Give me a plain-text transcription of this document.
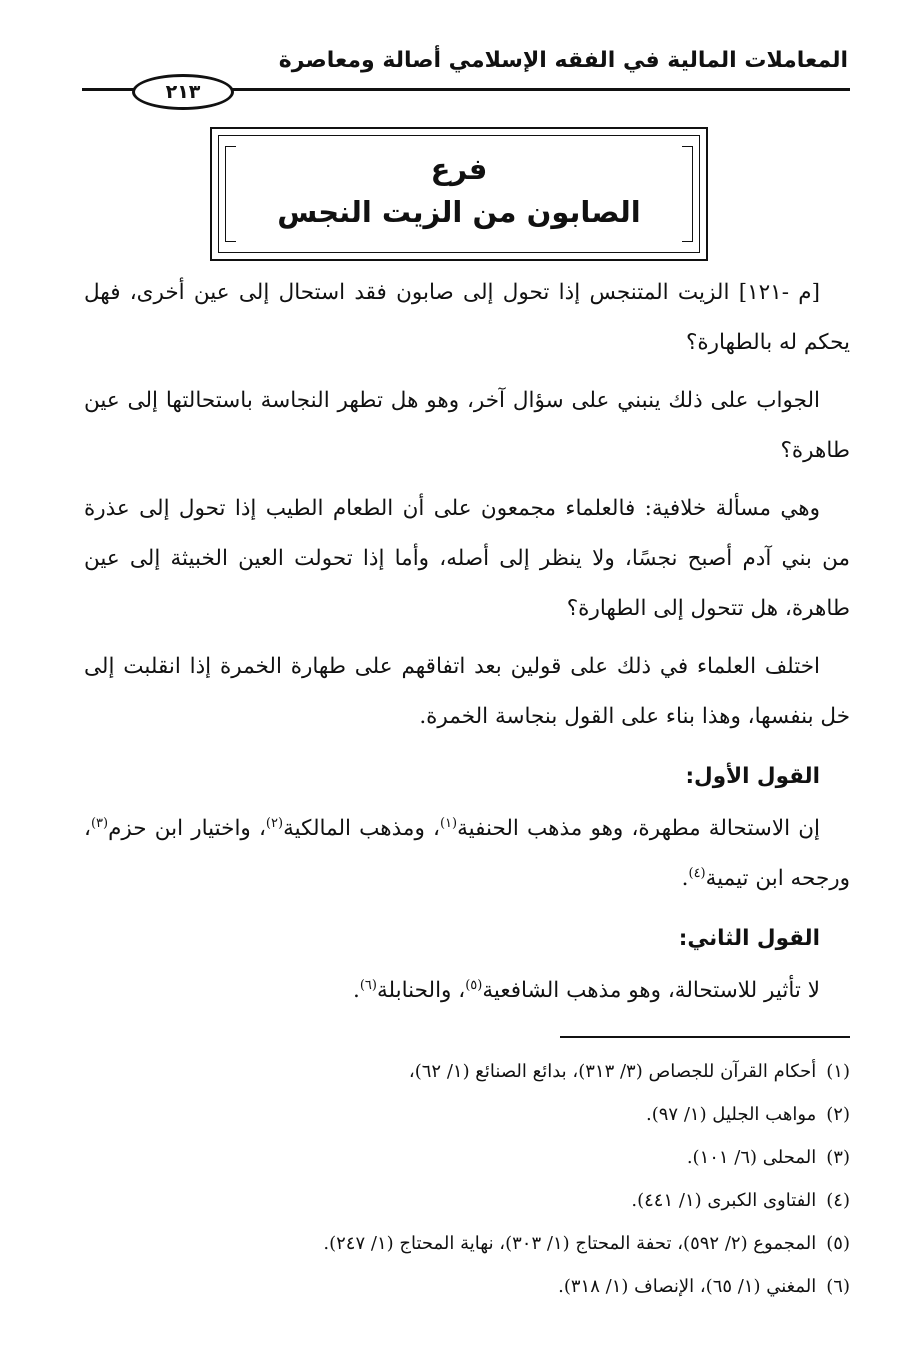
المعاملات المالية في الفقه الإسلامي أصالة ومعاصرة
٢١٣
فرع
الصابون من الزيت النجس

[م -١٢١] الزيت المتنجس إذا تحول إلى صابون فقد استحال إلى عين أخرى، فهل يحكم له بالطهارة؟

الجواب على ذلك ينبني على سؤال آخر، وهو هل تطهر النجاسة باستحالتها إلى عين طاهرة؟

وهي مسألة خلافية: فالعلماء مجمعون على أن الطعام الطيب إذا تحول إلى عذرة من بني آدم أصبح نجسًا، ولا ينظر إلى أصله، وأما إذا تحولت العين الخبيثة إلى عين طاهرة، هل تتحول إلى الطهارة؟

اختلف العلماء في ذلك على قولين بعد اتفاقهم على طهارة الخمرة إذا انقلبت إلى خل بنفسها، وهذا بناء على القول بنجاسة الخمرة.

القول الأول:

إن الاستحالة مطهرة، وهو مذهب الحنفية$^{(١)}$، ومذهب المالكية$^{(٢)}$، واختيار ابن حزم$^{(٣)}$، ورجحه ابن تيمية$^{(٤)}$.

القول الثاني:

لا تأثير للاستحالة، وهو مذهب الشافعية$^{(٥)}$، والحنابلة$^{(٦)}$.

(١)أحكام القرآن للجصاص (٣/ ٣١٣)، بدائع الصنائع (١/ ٦٢)،
(٢)مواهب الجليل (١/ ٩٧).
(٣)المحلى (٦/ ١٠١).
(٤)الفتاوى الكبرى (١/ ٤٤١).
(٥)المجموع (٢/ ٥٩٢)، تحفة المحتاج (١/ ٣٠٣)، نهاية المحتاج (١/ ٢٤٧).
(٦)المغني (١/ ٦٥)، الإنصاف (١/ ٣١٨).
